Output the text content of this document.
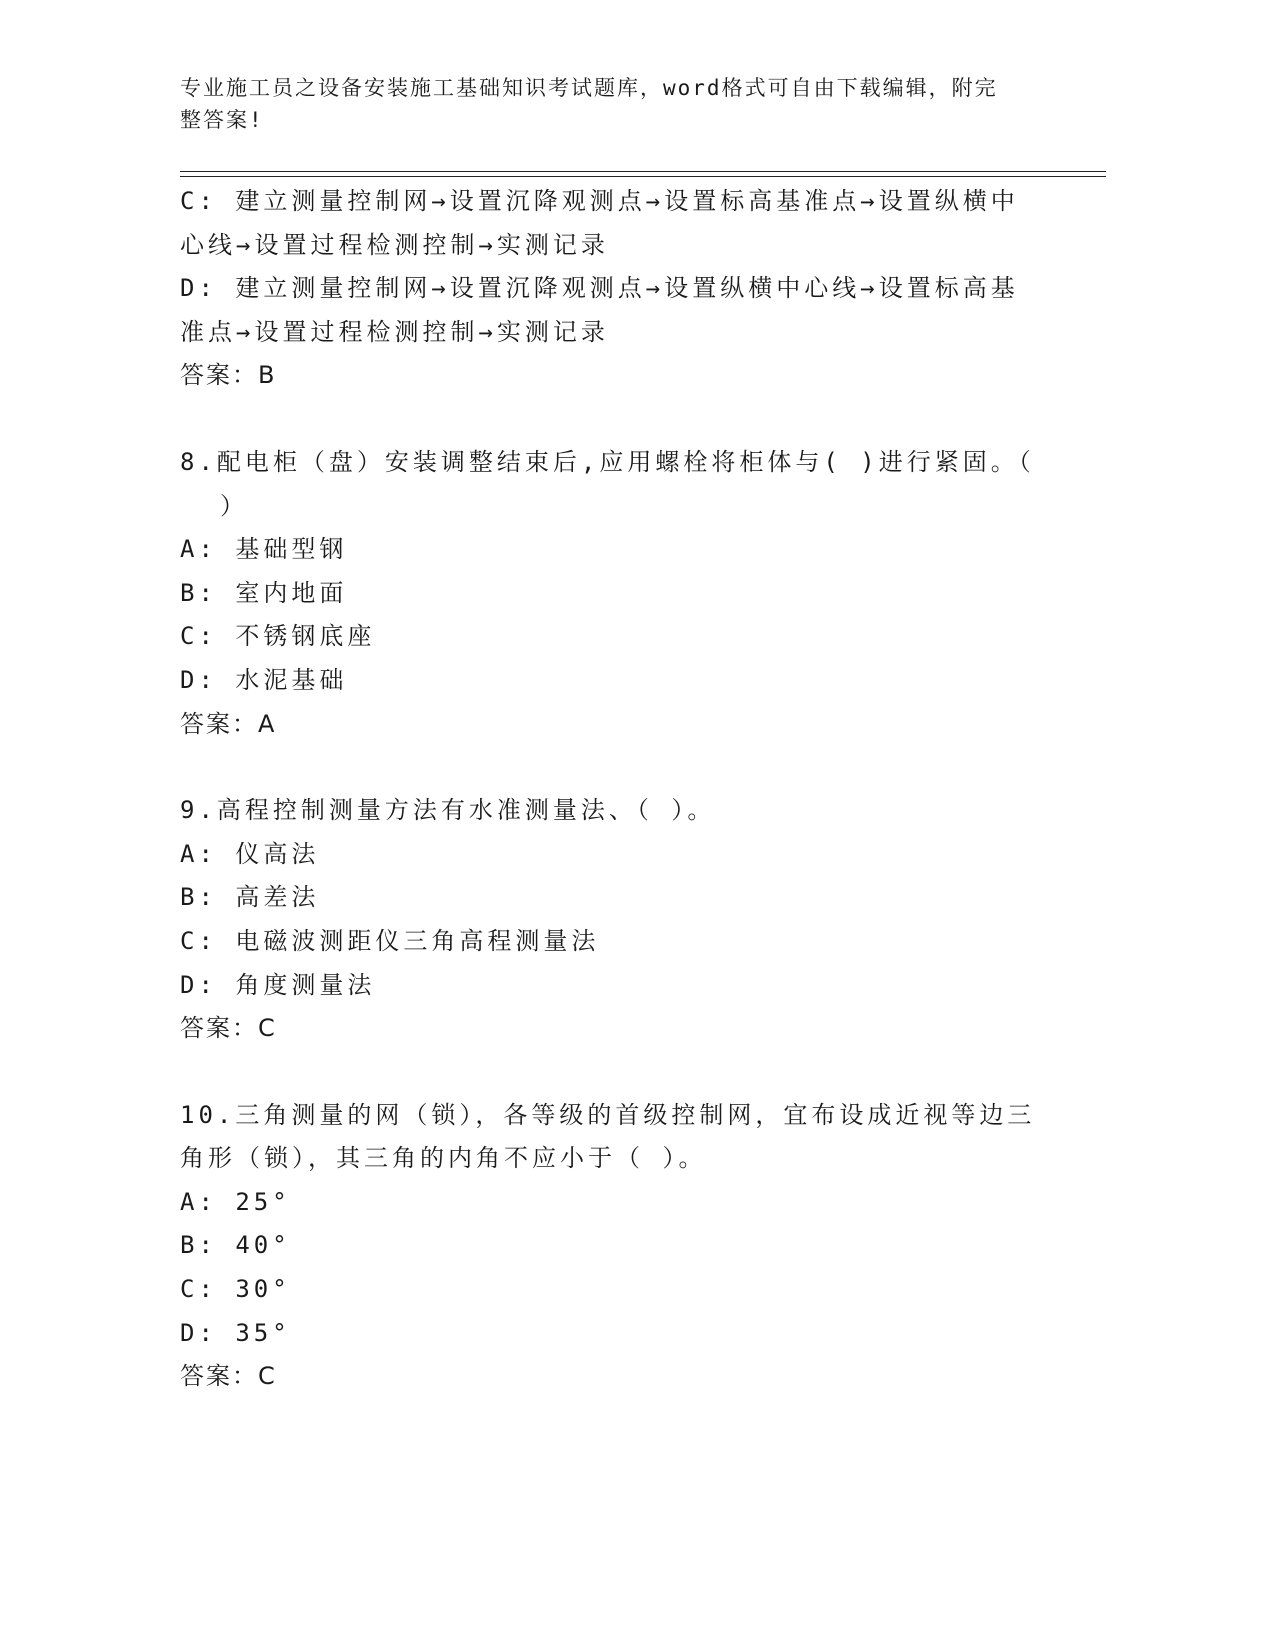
专业施工员之设备安装施工基础知识考试题库，word格式可自由下载编辑，附完
整答案!
C: 建立测量控制网→设置沉降观测点→设置标高基准点→设置纵横中
心线→设置过程检测控制→实测记录
D: 建立测量控制网→设置沉降观测点→设置纵横中心线→设置标高基
准点→设置过程检测控制→实测记录
答案：B
8.配电柜（盘）安装调整结束后,应用螺栓将柜体与( )进行紧固。（
）
A: 基础型钢
B: 室内地面
C: 不锈钢底座
D: 水泥基础
答案：A
9.高程控制测量方法有水准测量法、（ ）。
A: 仪高法
B: 高差法
C: 电磁波测距仪三角高程测量法
D: 角度测量法
答案：C
10.三角测量的网（锁），各等级的首级控制网，宜布设成近视等边三
角形（锁），其三角的内角不应小于（ ）。
A: 25°
B: 40°
C: 30°
D: 35°
答案：C
